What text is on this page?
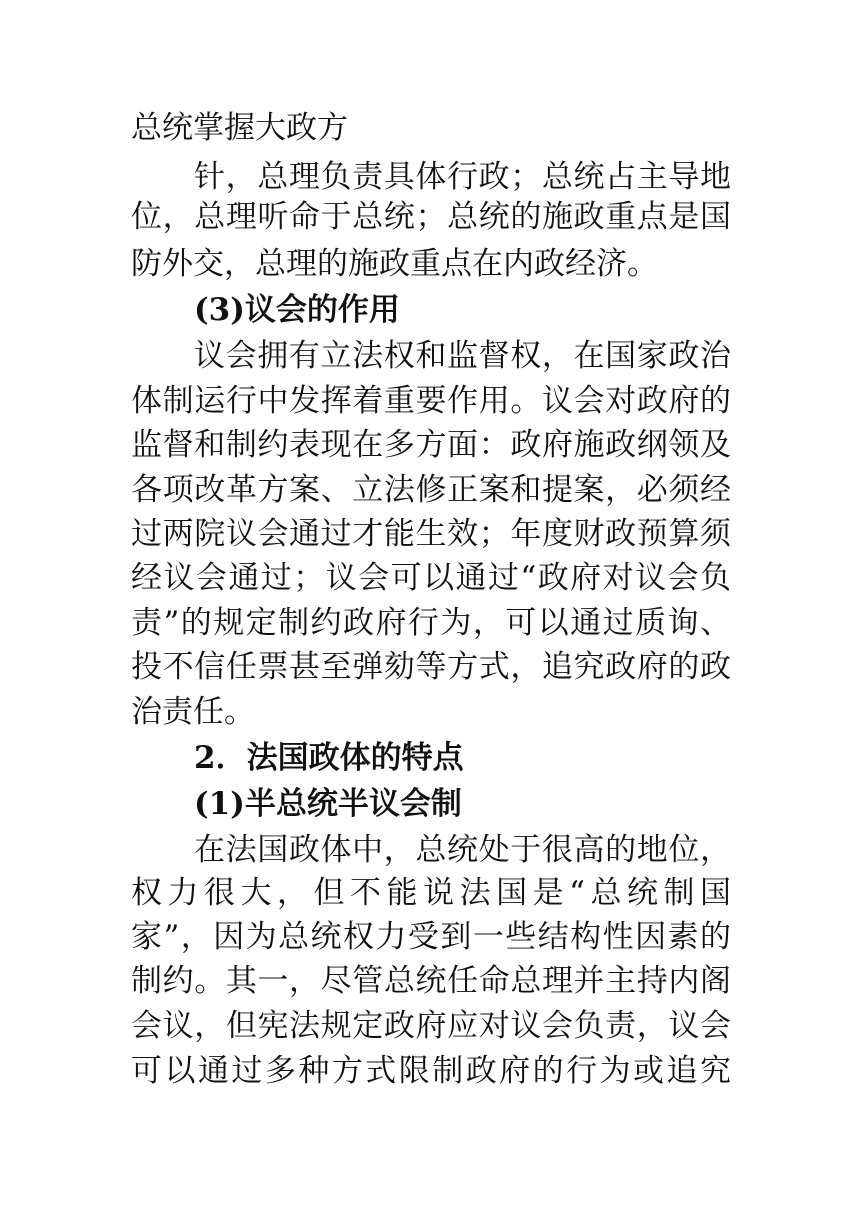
总统掌握大政方
针，总理负责具体行政；总统占主导地
位，总理听命于总统；总统的施政重点是国
防外交，总理的施政重点在内政经济。
(3)议会的作用
议会拥有立法权和监督权，在国家政治
体制运行中发挥着重要作用。议会对政府的
监督和制约表现在多方面：政府施政纲领及
各项改革方案、立法修正案和提案，必须经
过两院议会通过才能生效；年度财政预算须
经议会通过；议会可以通过“政府对议会负
责”的规定制约政府行为，可以通过质询、
投不信任票甚至弹劾等方式，追究政府的政
治责任。
2．法国政体的特点
(1)半总统半议会制
在法国政体中，总统处于很高的地位，
权力很大，但不能说法国是“总统制国
家”，因为总统权力受到一些结构性因素的
制约。其一，尽管总统任命总理并主持内阁
会议，但宪法规定政府应对议会负责，议会
可以通过多种方式限制政府的行为或追究
